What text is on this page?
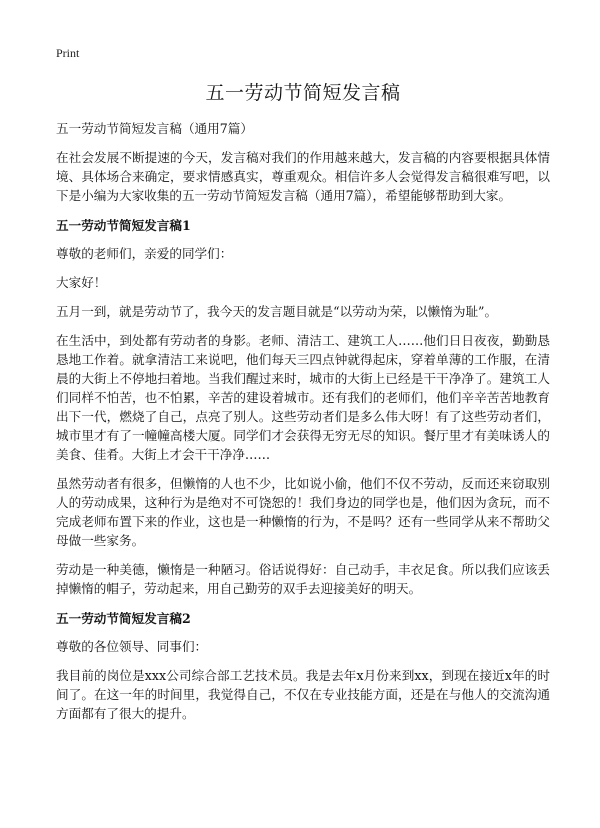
Print
五一劳动节简短发言稿

五一劳动节简短发言稿（通用7篇）

在社会发展不断提速的今天，发言稿对我们的作用越来越大，发言稿的内容要根据具体情境、具体场合来确定，要求情感真实，尊重观众。相信许多人会觉得发言稿很难写吧，以下是小编为大家收集的五一劳动节简短发言稿（通用7篇），希望能够帮助到大家。

五一劳动节简短发言稿1

尊敬的老师们，亲爱的同学们：

大家好！

五月一到，就是劳动节了，我今天的发言题目就是“以劳动为荣，以懒惰为耻”。

在生活中，到处都有劳动者的身影。老师、清洁工、建筑工人……他们日日夜夜，勤勤恳恳地工作着。就拿清洁工来说吧，他们每天三四点钟就得起床，穿着单薄的工作服，在清晨的大街上不停地扫着地。当我们醒过来时，城市的大街上已经是干干净净了。建筑工人们同样不怕苦，也不怕累，辛苦的建设着城市。还有我们的老师们，他们辛辛苦苦地教育出下一代，燃烧了自己，点亮了别人。这些劳动者们是多么伟大呀！有了这些劳动者们，城市里才有了一幢幢高楼大厦。同学们才会获得无穷无尽的知识。餐厅里才有美味诱人的美食、佳肴。大街上才会干干净净……

虽然劳动者有很多，但懒惰的人也不少，比如说小偷，他们不仅不劳动，反而还来窃取别人的劳动成果，这种行为是绝对不可饶恕的！我们身边的同学也是，他们因为贪玩，而不完成老师布置下来的作业，这也是一种懒惰的行为，不是吗？还有一些同学从来不帮助父母做一些家务。

劳动是一种美德，懒惰是一种陋习。俗话说得好：自己动手，丰衣足食。所以我们应该丢掉懒惰的帽子，劳动起来，用自己勤劳的双手去迎接美好的明天。

五一劳动节简短发言稿2

尊敬的各位领导、同事们：

我目前的岗位是xxx公司综合部工艺技术员。我是去年x月份来到xx，到现在接近x年的时间了。在这一年的时间里，我觉得自己，不仅在专业技能方面，还是在与他人的交流沟通方面都有了很大的提升。
